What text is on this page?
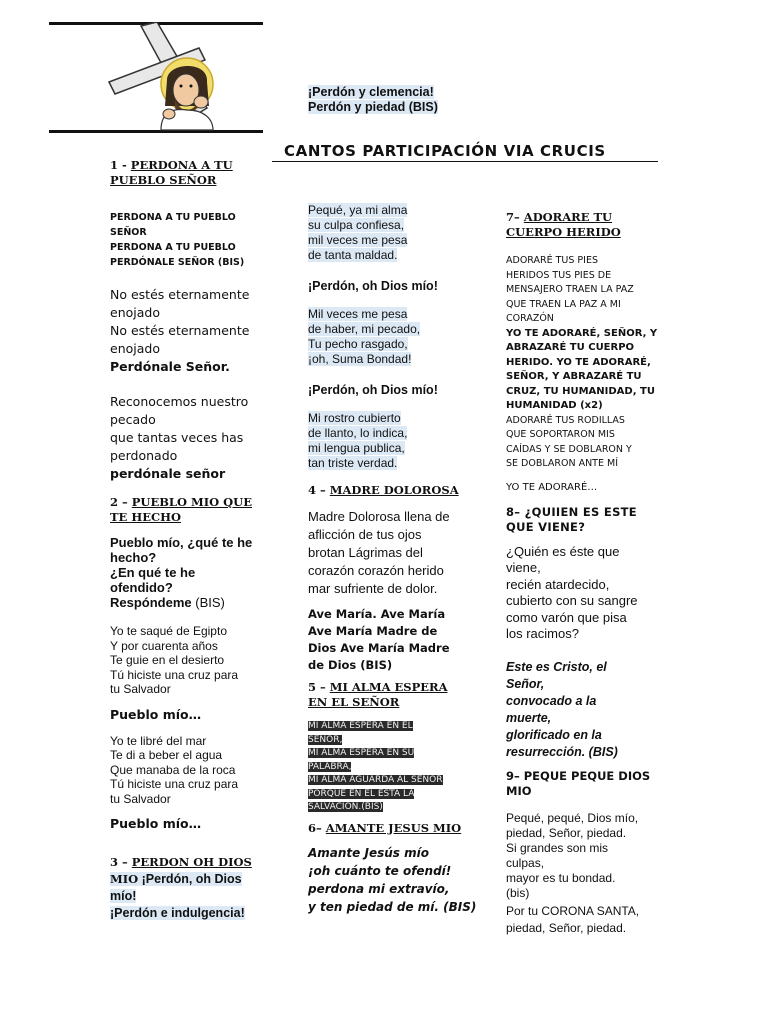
¡Perdón y clemencia!
Perdón y piedad (BIS)
CANTOS PARTICIPACIÓN VIA CRUCIS
1 - PERDONA A TU
PUEBLO SEÑOR
PERDONA A TU PUEBLO
SEÑOR
PERDONA A TU PUEBLO
PERDÓNALE SEÑOR (BIS)
No estés eternamente
enojado
No estés eternamente
enojado
Perdónale Señor.
Reconocemos nuestro
pecado
que tantas veces has
perdonado
perdónale señor
2 – PUEBLO MIO QUE
TE HECHO
Pueblo mío, ¿qué te he
hecho?
¿En qué te he
ofendido?
Respóndeme (BIS)
Yo te saqué de Egipto
Y por cuarenta años
Te guie en el desierto
Tú hiciste una cruz para
tu Salvador
Pueblo mío…
Yo te libré del mar
Te di a beber el agua
Que manaba de la roca
Tú hiciste una cruz para
tu Salvador
Pueblo mío…
3 – PERDON OH DIOS
MIO ¡Perdón, oh Dios
mío!
¡Perdón e indulgencia!
Pequé, ya mi alma
su culpa confiesa,
mil veces me pesa
de tanta maldad.
¡Perdón, oh Dios mío!
Mil veces me pesa
de haber, mi pecado,
Tu pecho rasgado,
¡oh, Suma Bondad!
¡Perdón, oh Dios mío!
Mi rostro cubierto
de llanto, lo indica,
mi lengua publica,
tan triste verdad.
4 – MADRE DOLOROSA
Madre Dolorosa llena de
aflicción de tus ojos
brotan Lágrimas del
corazón corazón herido
mar sufriente de dolor.
Ave María. Ave María
Ave María Madre de
Dios Ave María Madre
de Dios (BIS)
5 – MI ALMA ESPERA
EN EL SEÑOR
MI ALMA ESPERA EN EL
SEÑOR,
MI ALMA ESPERA EN SU
PALABRA,
MI ALMA AGUARDA AL SEÑOR
PORQUE EN EL ESTA LA
SALVACIÓN.(BIS)
6– AMANTE JESUS MIO
Amante Jesús mío
¡oh cuánto te ofendí!
perdona mi extravío,
y ten piedad de mí. (BIS)
7– ADORARE TU
CUERPO HERIDO
ADORARÉ TUS PIES
HERIDOS TUS PIES DE
MENSAJERO TRAEN LA PAZ
QUE TRAEN LA PAZ A MI
CORAZÓN
YO TE ADORARÉ, SEÑOR, Y
ABRAZARÉ TU CUERPO
HERIDO. YO TE ADORARÉ,
SEÑOR, Y ABRAZARÉ TU
CRUZ, TU HUMANIDAD, TU
HUMANIDAD (x2)
ADORARÉ TUS RODILLAS
QUE SOPORTARON MIS
CAÍDAS Y SE DOBLARON Y
SE DOBLARON ANTE MÍ
YO TE ADORARÉ…
8– ¿QUIIEN ES ESTE
QUE VIENE?
¿Quién es éste que
viene,
recién atardecido,
cubierto con su sangre
como varón que pisa
los racimos?
Este es Cristo, el
Señor,
convocado a la
muerte,
glorificado en la
resurrección. (BIS)
9– PEQUE PEQUE DIOS
MIO
Pequé, pequé, Dios mío,
piedad, Señor, piedad.
Si grandes son mis
culpas,
mayor es tu bondad.
(bis)
Por tu CORONA SANTA,
piedad, Señor, piedad.
